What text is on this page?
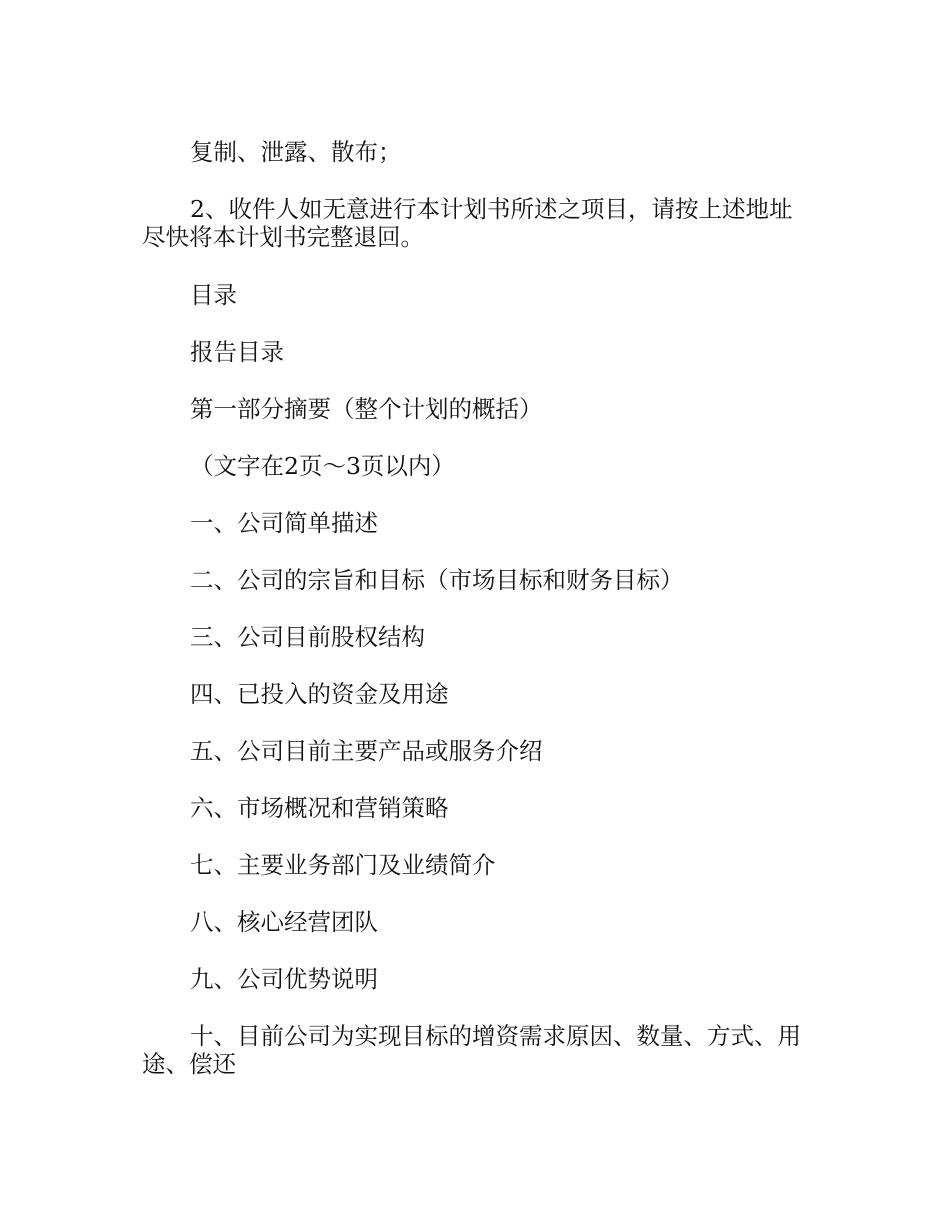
复制、泄露、散布；

2、收件人如无意进行本计划书所述之项目，请按上述地址尽快将本计划书完整退回。

目录

报告目录

第一部分摘要（整个计划的概括）

（文字在2页～3页以内）

一、公司简单描述

二、公司的宗旨和目标（市场目标和财务目标）

三、公司目前股权结构

四、已投入的资金及用途

五、公司目前主要产品或服务介绍

六、市场概况和营销策略

七、主要业务部门及业绩简介

八、核心经营团队

九、公司优势说明

十、目前公司为实现目标的增资需求原因、数量、方式、用途、偿还
